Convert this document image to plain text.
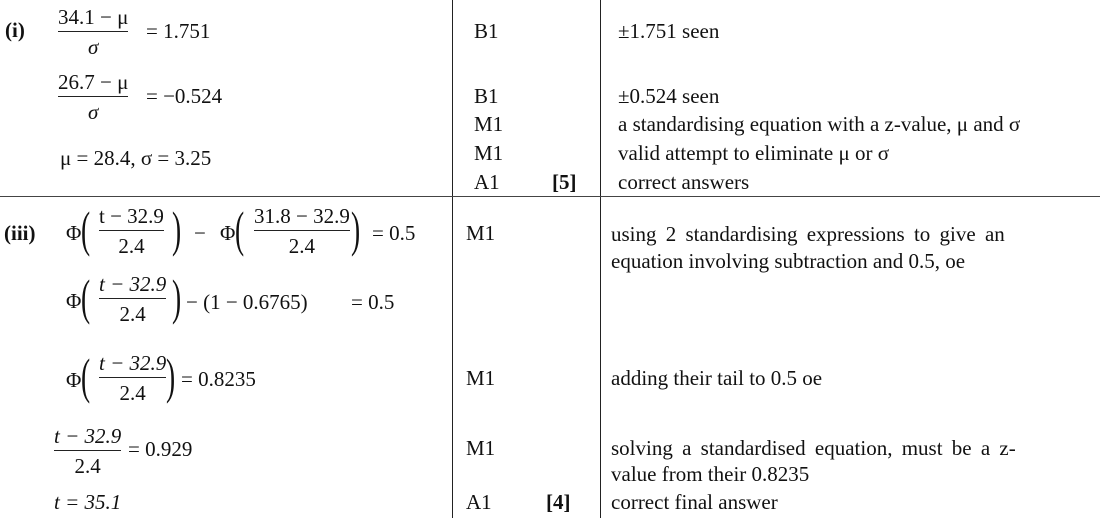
(i)
34.1 − μ
σ
= 1.751
26.7 − μ
σ
= −0.524
μ = 28.4, σ = 3.25
B1
B1
M1
M1
A1 [5]
±1.751 seen
±0.524 seen
a standardising equation with a z-value, μ and σ
valid attempt to eliminate μ or σ
correct answers
(iii) Φ ( t − 32.9
2.4 ) − Φ ( 31.8 − 32.9
2.4 ) = 0.5
Φ ( t − 32.9
2.4 ) − (1 − 0.6765) = 0.5
Φ ( t − 32.9
2.4 ) = 0.8235
t − 32.9
2.4
= 0.929
t = 35.1
M1
M1
M1
A1	[4]
using 2 standardising expressions to give an
equation involving subtraction and 0.5, oe
adding their tail to 0.5 oe
solving a standardised equation, must be a z-
value from their 0.8235
correct final answer
